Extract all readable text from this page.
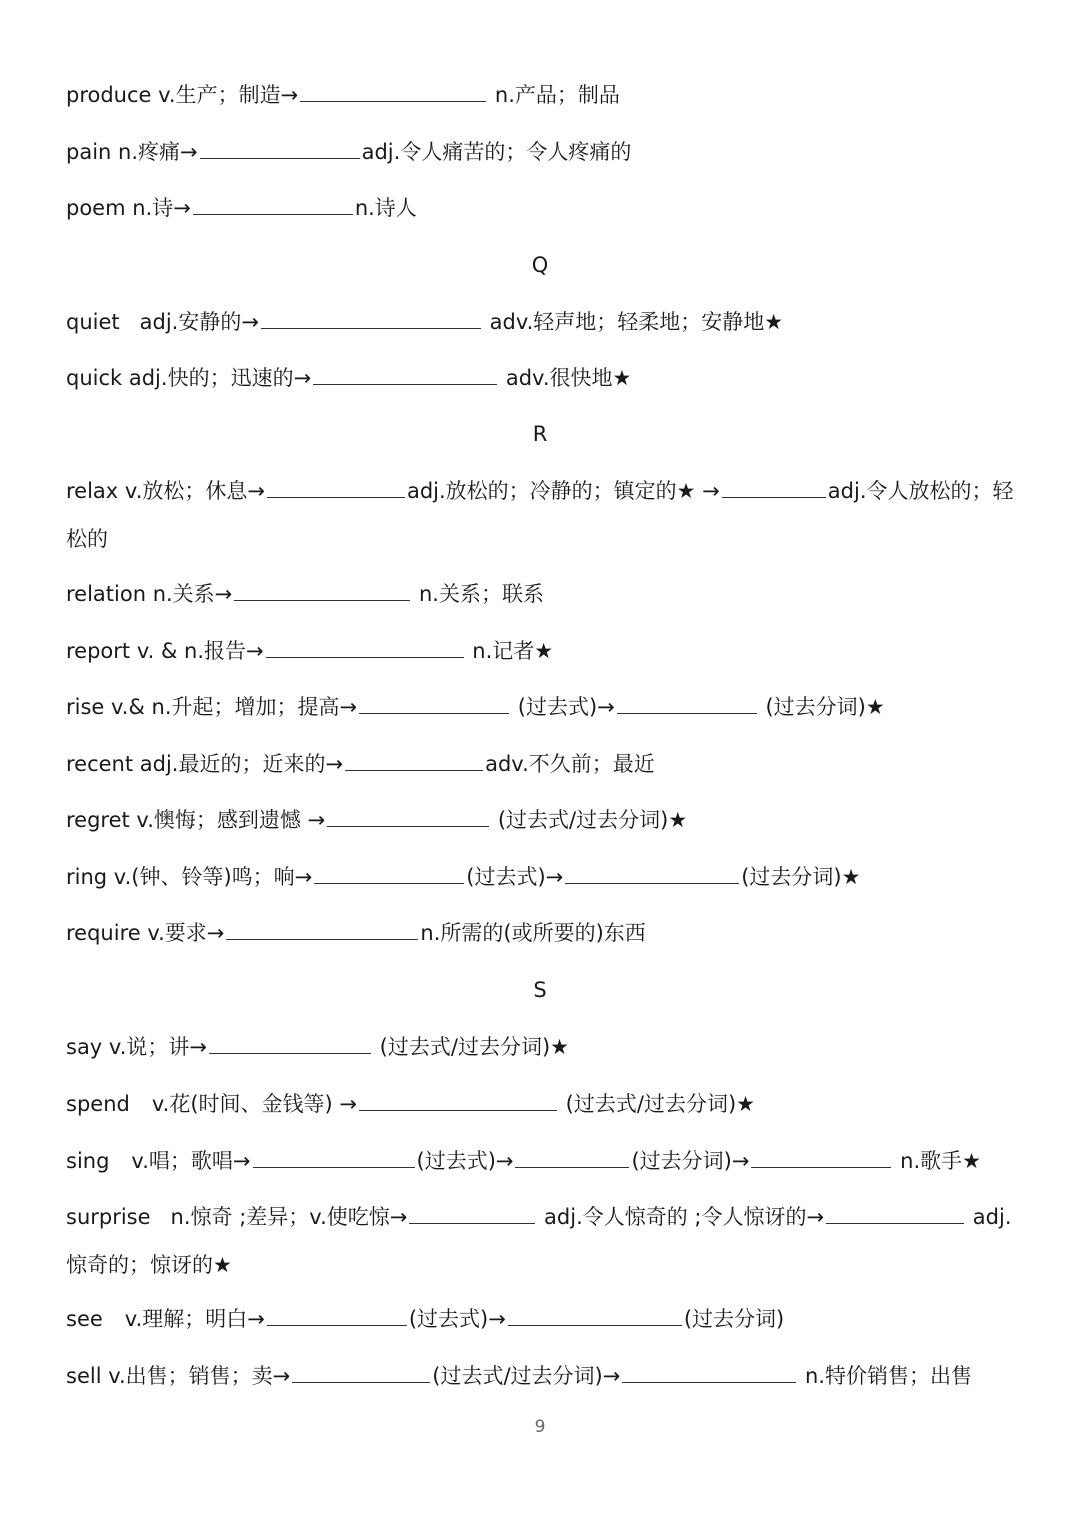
produce v.生产；制造→	n.产品；制品
pain n.疼痛→	adj.令人痛苦的；令人疼痛的
poem n.诗→	n.诗人
Q
quiet adj.安静的→	adv.轻声地；轻柔地；安静地★
quick adj.快的；迅速的→	adv.很快地★
R
relax v.放松；休息→	adj.放松的；冷静的；镇定的★ →	adj.令人放松的；轻
松的
relation n.关系→	n.关系；联系
report v. & n.报告→	n.记者★
rise v.& n.升起；增加；提高→	(过去式)→	(过去分词)★
recent adj.最近的；近来的→	adv.不久前；最近
regret v.懊悔；感到遗憾 →	(过去式/过去分词)★
ring v.(钟、铃等)鸣；响→	(过去式)→	(过去分词)★
require v.要求→	n.所需的(或所要的)东西
S
say v.说；讲→	(过去式/过去分词)★
spend v.花(时间、金钱等) →	(过去式/过去分词)★
sing v.唱；歌唱→	(过去式)→	(过去分词)→	n.歌手★
surprise n.惊奇 ;差异；v.使吃惊→	adj.令人惊奇的 ;令人惊讶的→	adj.
惊奇的；惊讶的★
see v.理解；明白→	(过去式)→	(过去分词)
sell v.出售；销售；卖→	(过去式/过去分词)→	n.特价销售；出售
9
